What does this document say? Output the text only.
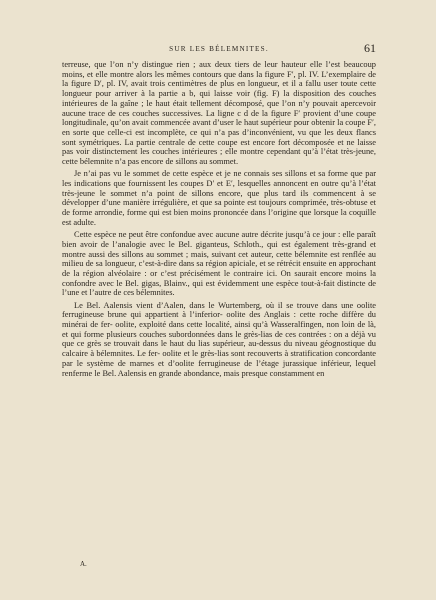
SUR LES BÉLEMNITES.	61

terreuse, que l’on n’y distingue rien ; aux deux tiers de leur hauteur elle l’est beaucoup moins, et elle montre alors les mêmes contours que dans la figure F′, pl. IV. L’exemplaire de la figure D′, pl. IV, avait trois centimètres de plus en longueur, et il a fallu user toute cette longueur pour arriver à la partie a b, qui laisse voir (fig. F) la disposition des couches intérieures de la gaîne ; le haut était tellement décomposé, que l’on n’y pouvait apercevoir aucune trace de ces couches successives. La ligne c d de la figure F′ provient d’une coupe longitudinale, qu’on avait commencée avant d’user le haut supérieur pour obtenir la coupe F′, en sorte que celle-ci est incomplète, ce qui n’a pas d’inconvénient, vu que les deux flancs sont symétriques. La partie centrale de cette coupe est encore fort décomposée et ne laisse pas voir distinctement les couches intérieures ; elle montre cependant qu’à l’état très-jeune, cette bélemnite n’a pas encore de sillons au sommet.

Je n’ai pas vu le sommet de cette espèce et je ne connais ses sillons et sa forme que par les indications que fournissent les coupes D′ et E′, lesquelles annoncent en outre qu’à l’état très-jeune le sommet n’a point de sillons encore, que plus tard ils commencent à se développer d’une manière irrégulière, et que sa pointe est toujours comprimée, très-obtuse et de forme arrondie, forme qui est bien moins prononcée dans l’origine que lorsque la coquille est adulte.

Cette espèce ne peut être confondue avec aucune autre décrite jusqu’à ce jour : elle paraît bien avoir de l’analogie avec le Bel. giganteus, Schloth., qui est également très-grand et montre aussi des sillons au sommet ; mais, suivant cet auteur, cette bélemnite est renflée au milieu de sa longueur, c’est-à-dire dans sa région apiciale, et se rétrécit ensuite en approchant de la région alvéolaire : or c’est précisément le contraire ici. On saurait encore moins la confondre avec le Bel. gigas, Blainv., qui est évidemment une espèce tout-à-fait distincte de l’une et l’autre de ces bélemnites.

Le Bel. Aalensis vient d’Aalen, dans le Wurtemberg, où il se trouve dans une oolite ferrugineuse brune qui appartient à l’inferior- oolite des Anglais : cette roche diffère du minérai de fer- oolite, exploité dans cette localité, ainsi qu’à Wasseralfingen, non loin de là, et qui forme plusieurs couches subordonnées dans le grès-lias de ces contrées : on a déjà vu que ce grès se trouvait dans le haut du lias supérieur, au-dessus du niveau géognostique du calcaire à bélemnites. Le fer- oolite et le grès-lias sont recouverts à stratification concordante par le système de marnes et d’oolite ferrugineuse de l’étage jurassique inférieur, lequel renferme le Bel. Aalensis en grande abondance, mais presque constamment en

A.
